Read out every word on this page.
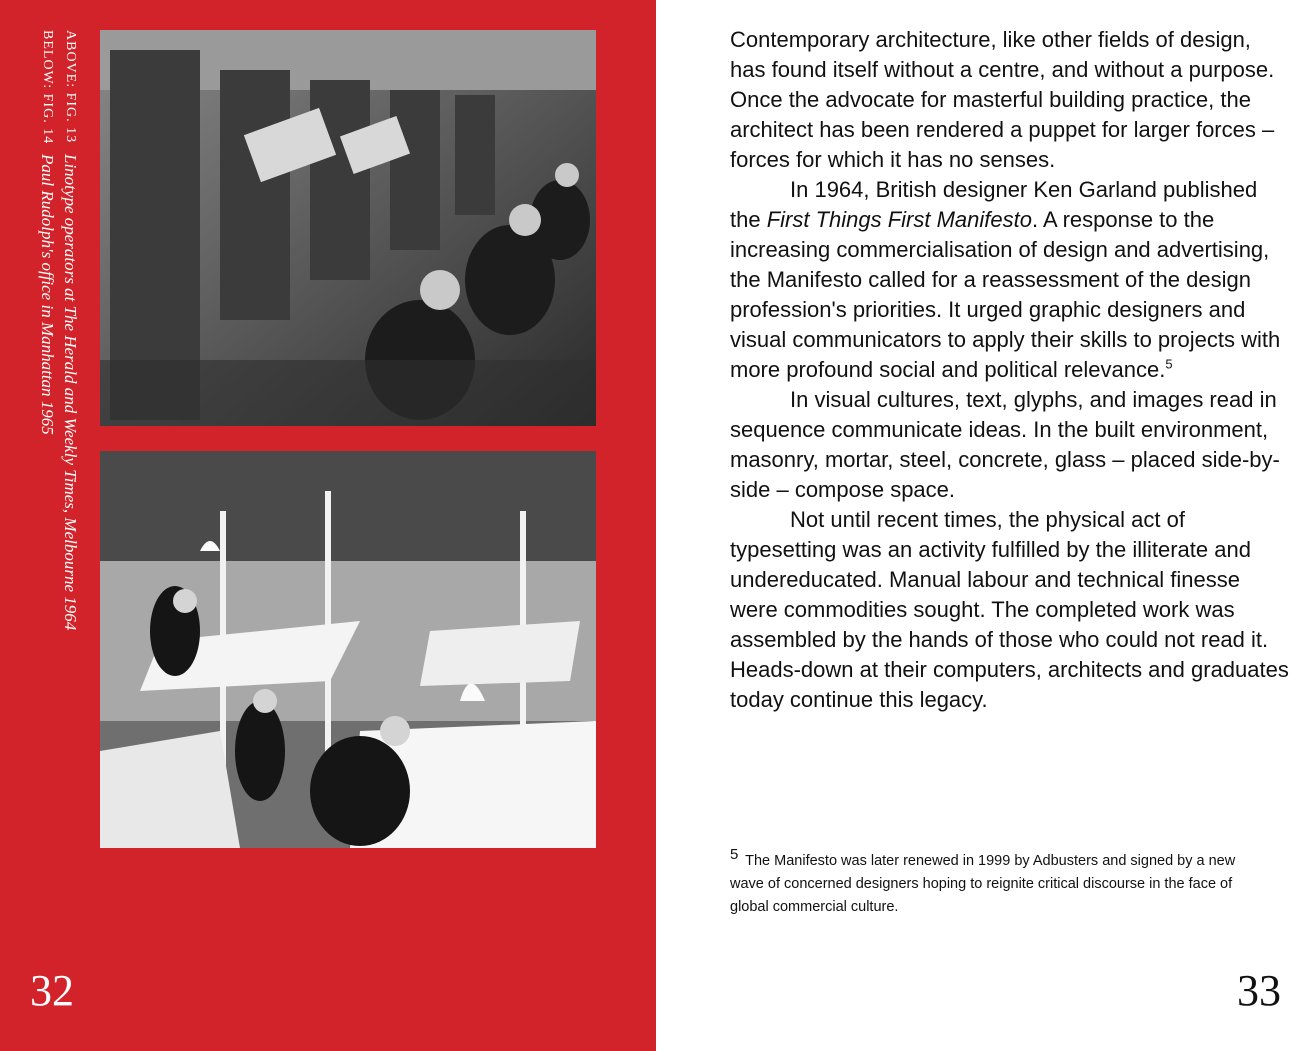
ABOVE: FIG. 13
Linotype operators at The Herald and Weekly Times, Melbourne 1964
BELOW: FIG. 14
Paul Rudolph's office in Manhattan 1965
32

Contemporary architecture, like other fields of design, has found itself without a centre, and without a purpose. Once the advocate for masterful building practice, the architect has been rendered a puppet for larger forces – forces for which it has no senses.

In 1964, British designer Ken Garland published the First Things First Manifesto. A response to the increasing commercialisation of design and advertising, the Manifesto called for a reassessment of the design profession's priorities. It urged graphic designers and visual communicators to apply their skills to projects with more profound social and political relevance.$^5$

In visual cultures, text, glyphs, and images read in sequence communicate ideas. In the built environment, masonry, mortar, steel, concrete, glass – placed side-by-side – compose space.

Not until recent times, the physical act of typesetting was an activity fulfilled by the illiterate and undereducated. Manual labour and technical finesse were commodities sought. The completed work was assembled by the hands of those who could not read it. Heads-down at their computers, architects and graduates today continue this legacy.

$^5$ The Manifesto was later renewed in 1999 by Adbusters and signed by a new wave of concerned designers hoping to reignite critical discourse in the face of global commercial culture.
33
